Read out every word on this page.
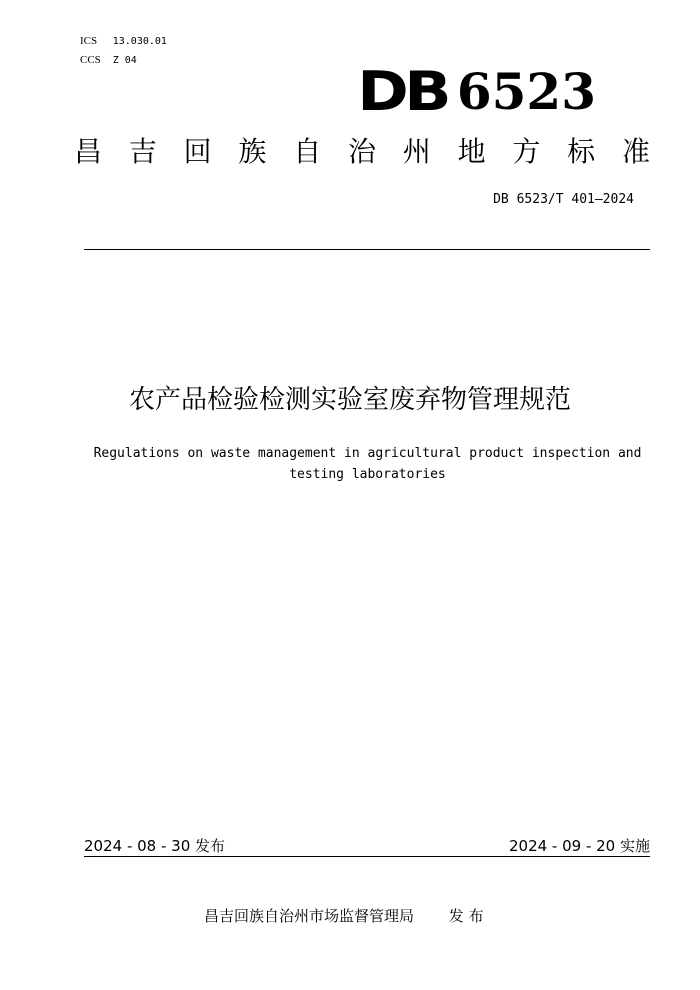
ICS 13.030.01
CCS Z 04	DB 6523
昌 吉 回 族 自 治 州 地 方 标 准
DB 6523/T 401—2024
农产品检验检测实验室废弃物管理规范
Regulations on waste management in agricultural product inspection and testing laboratories
2024 - 08 - 30 发布	2024 - 09 - 20 实施
昌吉回族自治州市场监督管理局 发 布
